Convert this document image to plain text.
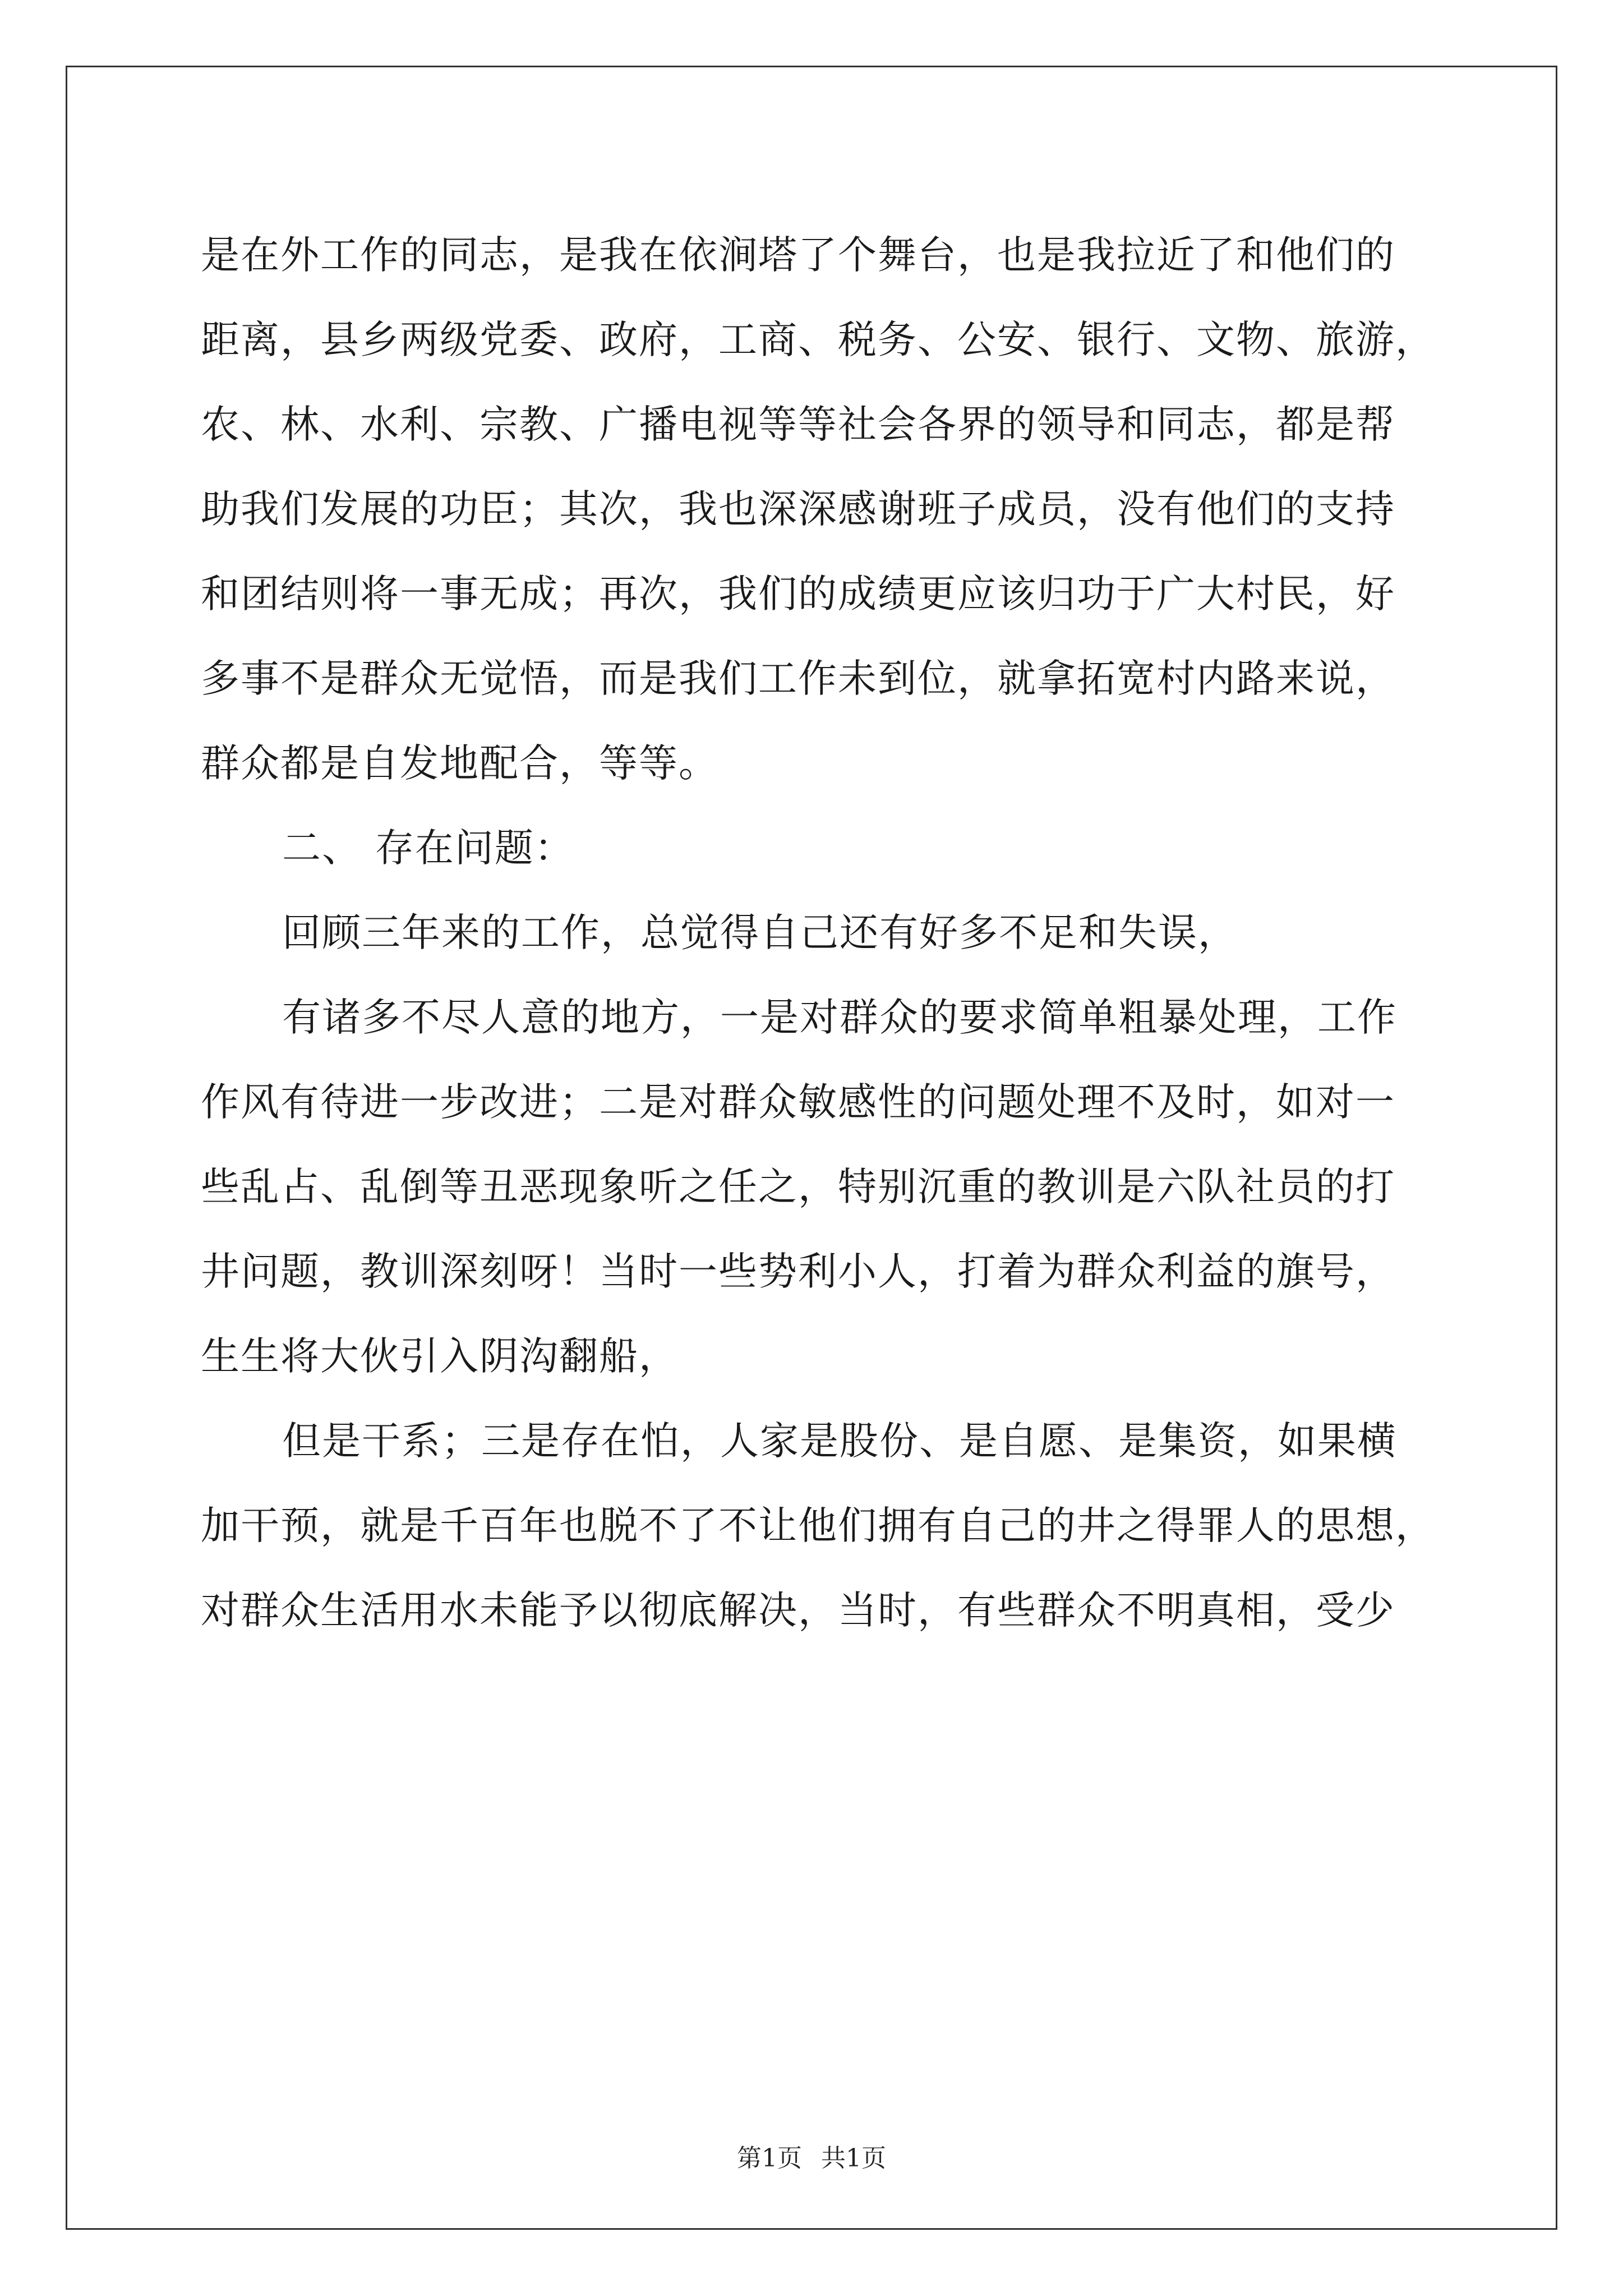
是在外工作的同志，是我在依涧塔了个舞台，也是我拉近了和他们的
距离，县乡两级党委、政府，工商、税务、公安、银行、文物、旅游，
农、林、水利、宗教、广播电视等等社会各界的领导和同志，都是帮
助我们发展的功臣；其次，我也深深感谢班子成员，没有他们的支持
和团结则将一事无成；再次，我们的成绩更应该归功于广大村民，好
多事不是群众无觉悟，而是我们工作未到位，就拿拓宽村内路来说，
群众都是自发地配合，等等。
二、 存在问题：
回顾三年来的工作，总觉得自己还有好多不足和失误，
有诸多不尽人意的地方，一是对群众的要求简单粗暴处理，工作
作风有待进一步改进；二是对群众敏感性的问题处理不及时，如对一
些乱占、乱倒等丑恶现象听之任之，特别沉重的教训是六队社员的打
井问题，教训深刻呀！当时一些势利小人，打着为群众利益的旗号，
生生将大伙引入阴沟翻船，
但是干系；三是存在怕，人家是股份、是自愿、是集资，如果横
加干预，就是千百年也脱不了不让他们拥有自己的井之得罪人的思想，
对群众生活用水未能予以彻底解决，当时，有些群众不明真相，受少
第1页 共1页
